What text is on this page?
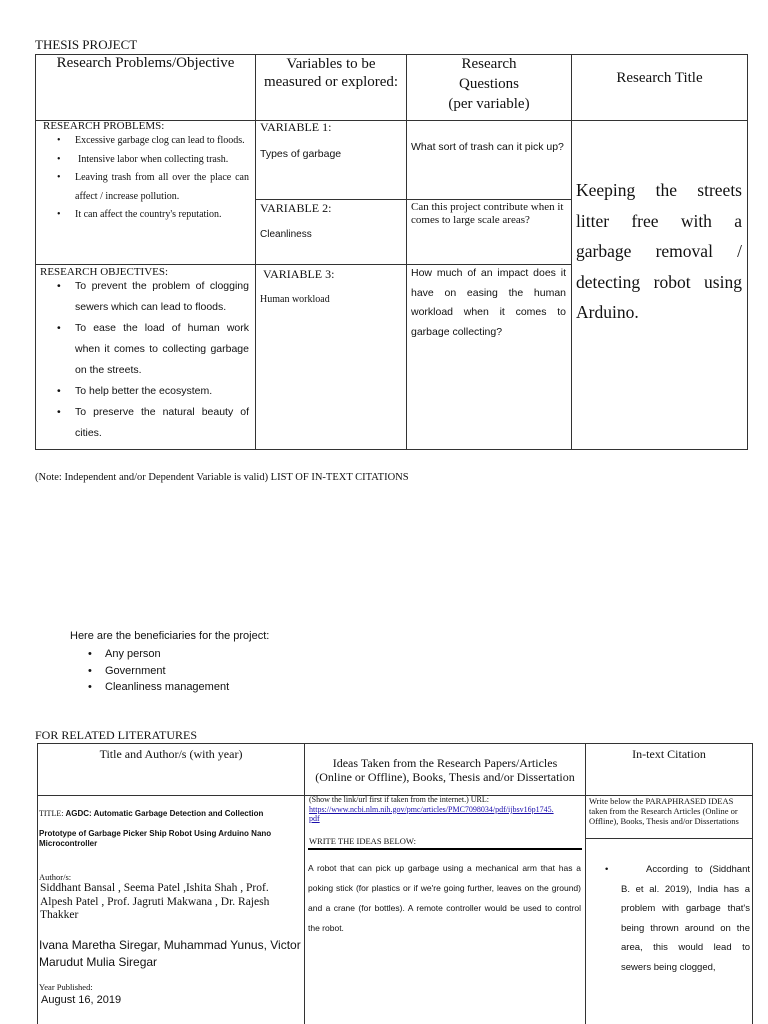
THESIS PROJECT
Research Problems/Objective	Variables to be
measured or explored:
Research
Questions
(per variable)
Research Title
RESEARCH PROBLEMS:
• Excessive garbage clog can lead to floods.
• Intensive labor when collecting trash.
• Leaving trash from all over the place can affect / increase pollution.
• It can affect the country's reputation.
RESEARCH OBJECTIVES:
• To prevent the problem of clogging sewers which can lead to floods.
• To ease the load of human work when it comes to collecting garbage on the streets.
• To help better the ecosystem.
• To preserve the natural beauty of cities.
VARIABLE 1:
Types of garbage
VARIABLE 2:
Cleanliness
VARIABLE 3:
Human workload
What sort of trash can it pick up?
Can this project contribute when it comes to large scale areas?
How much of an impact does it have on easing the human workload when it comes to garbage collecting?
Keeping the streets litter free with a garbage removal / detecting robot using Arduino.
(Note: Independent and/or Dependent Variable is valid) LIST OF IN-TEXT CITATIONS
Here are the beneficiaries for the project:
• Any person
• Government
• Cleanliness management
FOR RELATED LITERATURES
Title and Author/s (with year)
Ideas Taken from the Research Papers/Articles
(Online or Offline), Books, Thesis and/or Dissertation
In-text Citation
TITLE: AGDC: Automatic Garbage Detection and Collection
Prototype of Garbage Picker Ship Robot Using Arduino Nano Microcontroller
Author/s:
Siddhant Bansal , Seema Patel ,Ishita Shah , Prof. Alpesh Patel , Prof. Jagruti Makwana , Dr. Rajesh Thakker
Ivana Maretha Siregar, Muhammad Yunus, Victor Marudut Mulia Siregar
Year Published:
August 16, 2019
(Show the link/url first if taken from the internet.) URL:
https://www.ncbi.nlm.nih.gov/pmc/articles/PMC7098034/pdf/ijbsv16p1745.pdf
WRITE THE IDEAS BELOW:
A robot that can pick up garbage using a mechanical arm that has a poking stick (for plastics or if we're going further, leaves on the ground) and a crane (for bottles). A remote controller would be used to control the robot.
Write below the PARAPHRASED IDEAS taken from the Research Articles (Online or Offline), Books, Thesis and/or Dissertations
• According to (Siddhant B. et al. 2019), India has a problem with garbage that's being thrown around on the area, this would lead to sewers being clogged,
